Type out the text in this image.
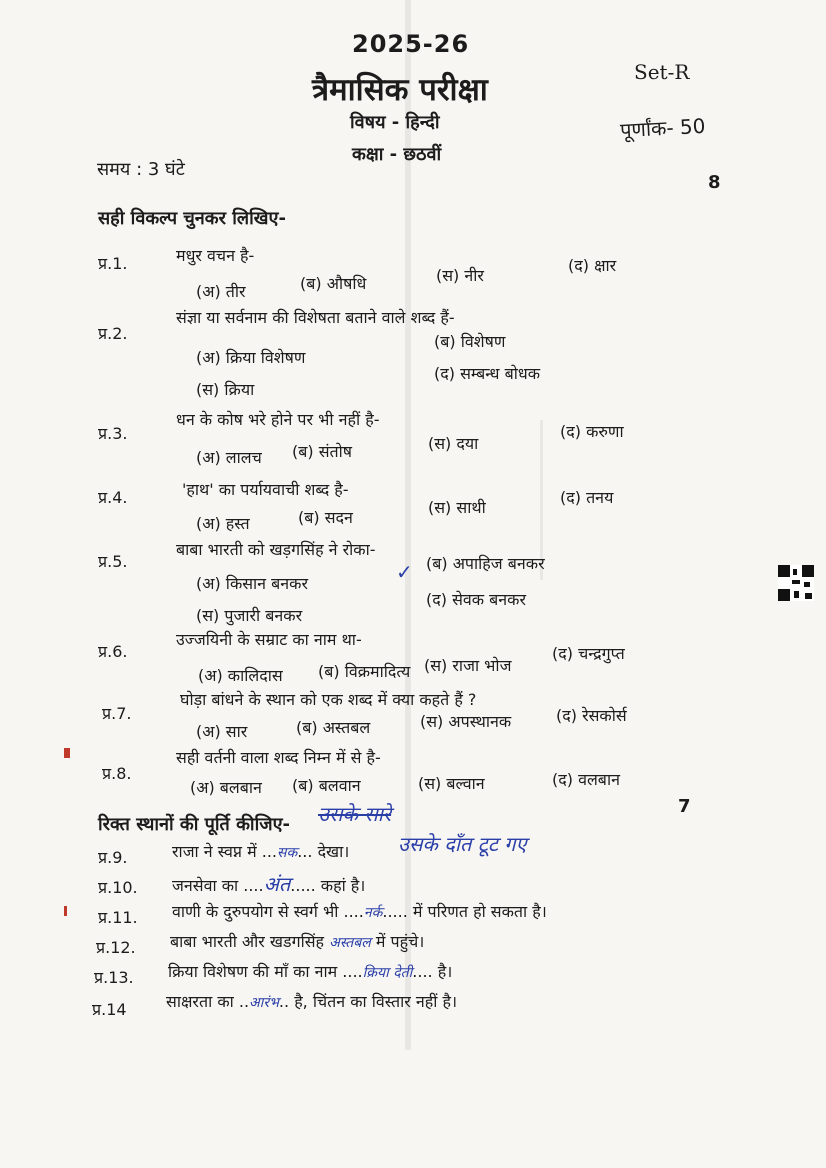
2025-26
त्रैमासिक परीक्षा	Set-R
विषय - हिन्दी	पूर्णांक- 50
कक्षा - छठवीं
समय : 3 घंटे
सही विकल्प चुनकर लिखिए-
8
प्र.1.	मधुर वचन है-
(अ) तीर	(ब) औषधि	(स) नीर
(द) क्षार
प्र.2.
संज्ञा या सर्वनाम की विशेषता बताने वाले शब्द हैं-
(अ) क्रिया विशेषण
(ब) विशेषण
(स) क्रिया
(द) सम्बन्ध बोधक
प्र.3.
धन के कोष भरे होने पर भी नहीं है-
(अ) लालच (ब) संतोष	(स) दया
(द) करुणा
प्र.4.	'हाथ' का पर्यायवाची शब्द है-
(अ) हस्त	(ब) सदन
(स) साथी
(द) तनय
प्र.5.
बाबा भारती को खड़गसिंह ने रोका-
(अ) किसान बनकर
(ब) अपाहिज बनकर
(स) पुजारी बनकर
(द) सेवक बनकर
✓
प्र.6.
उज्जयिनी के सम्राट का नाम था-
(अ) कालिदास (ब) विक्रमादित्य (स) राजा भोज
(द) चन्द्रगुप्त
प्र.7.
घोड़ा बांधने के स्थान को एक शब्द में क्या कहते हैं ?
(अ) सार	(ब) अस्तबल	(स) अपस्थानक	(द) रेसकोर्स
प्र.8.
सही वर्तनी वाला शब्द निम्न में से है-
(अ) बलबान (ब) बलवान	(स) बल्वान	(द) वलबान
रिक्त स्थानों की पूर्ति कीजिए-
7
उसके सारे
प्र.9.	राजा ने स्वप्न में ...सक... देखा। उसके दाँत टूट गए
प्र.10. जनसेवा का ....अंत..... कहां है।
प्र.11. वाणी के दुरुपयोग से स्वर्ग भी ....नर्क..... में परिणत हो सकता है।
प्र.12. बाबा भारती और खडगसिंह अस्तबल में पहुंचे।
प्र.13. क्रिया विशेषण की माँ का नाम ....क्रिया देती.... है।
प्र.14 साक्षरता का ..आरंभ.. है, चिंतन का विस्तार नहीं है।
